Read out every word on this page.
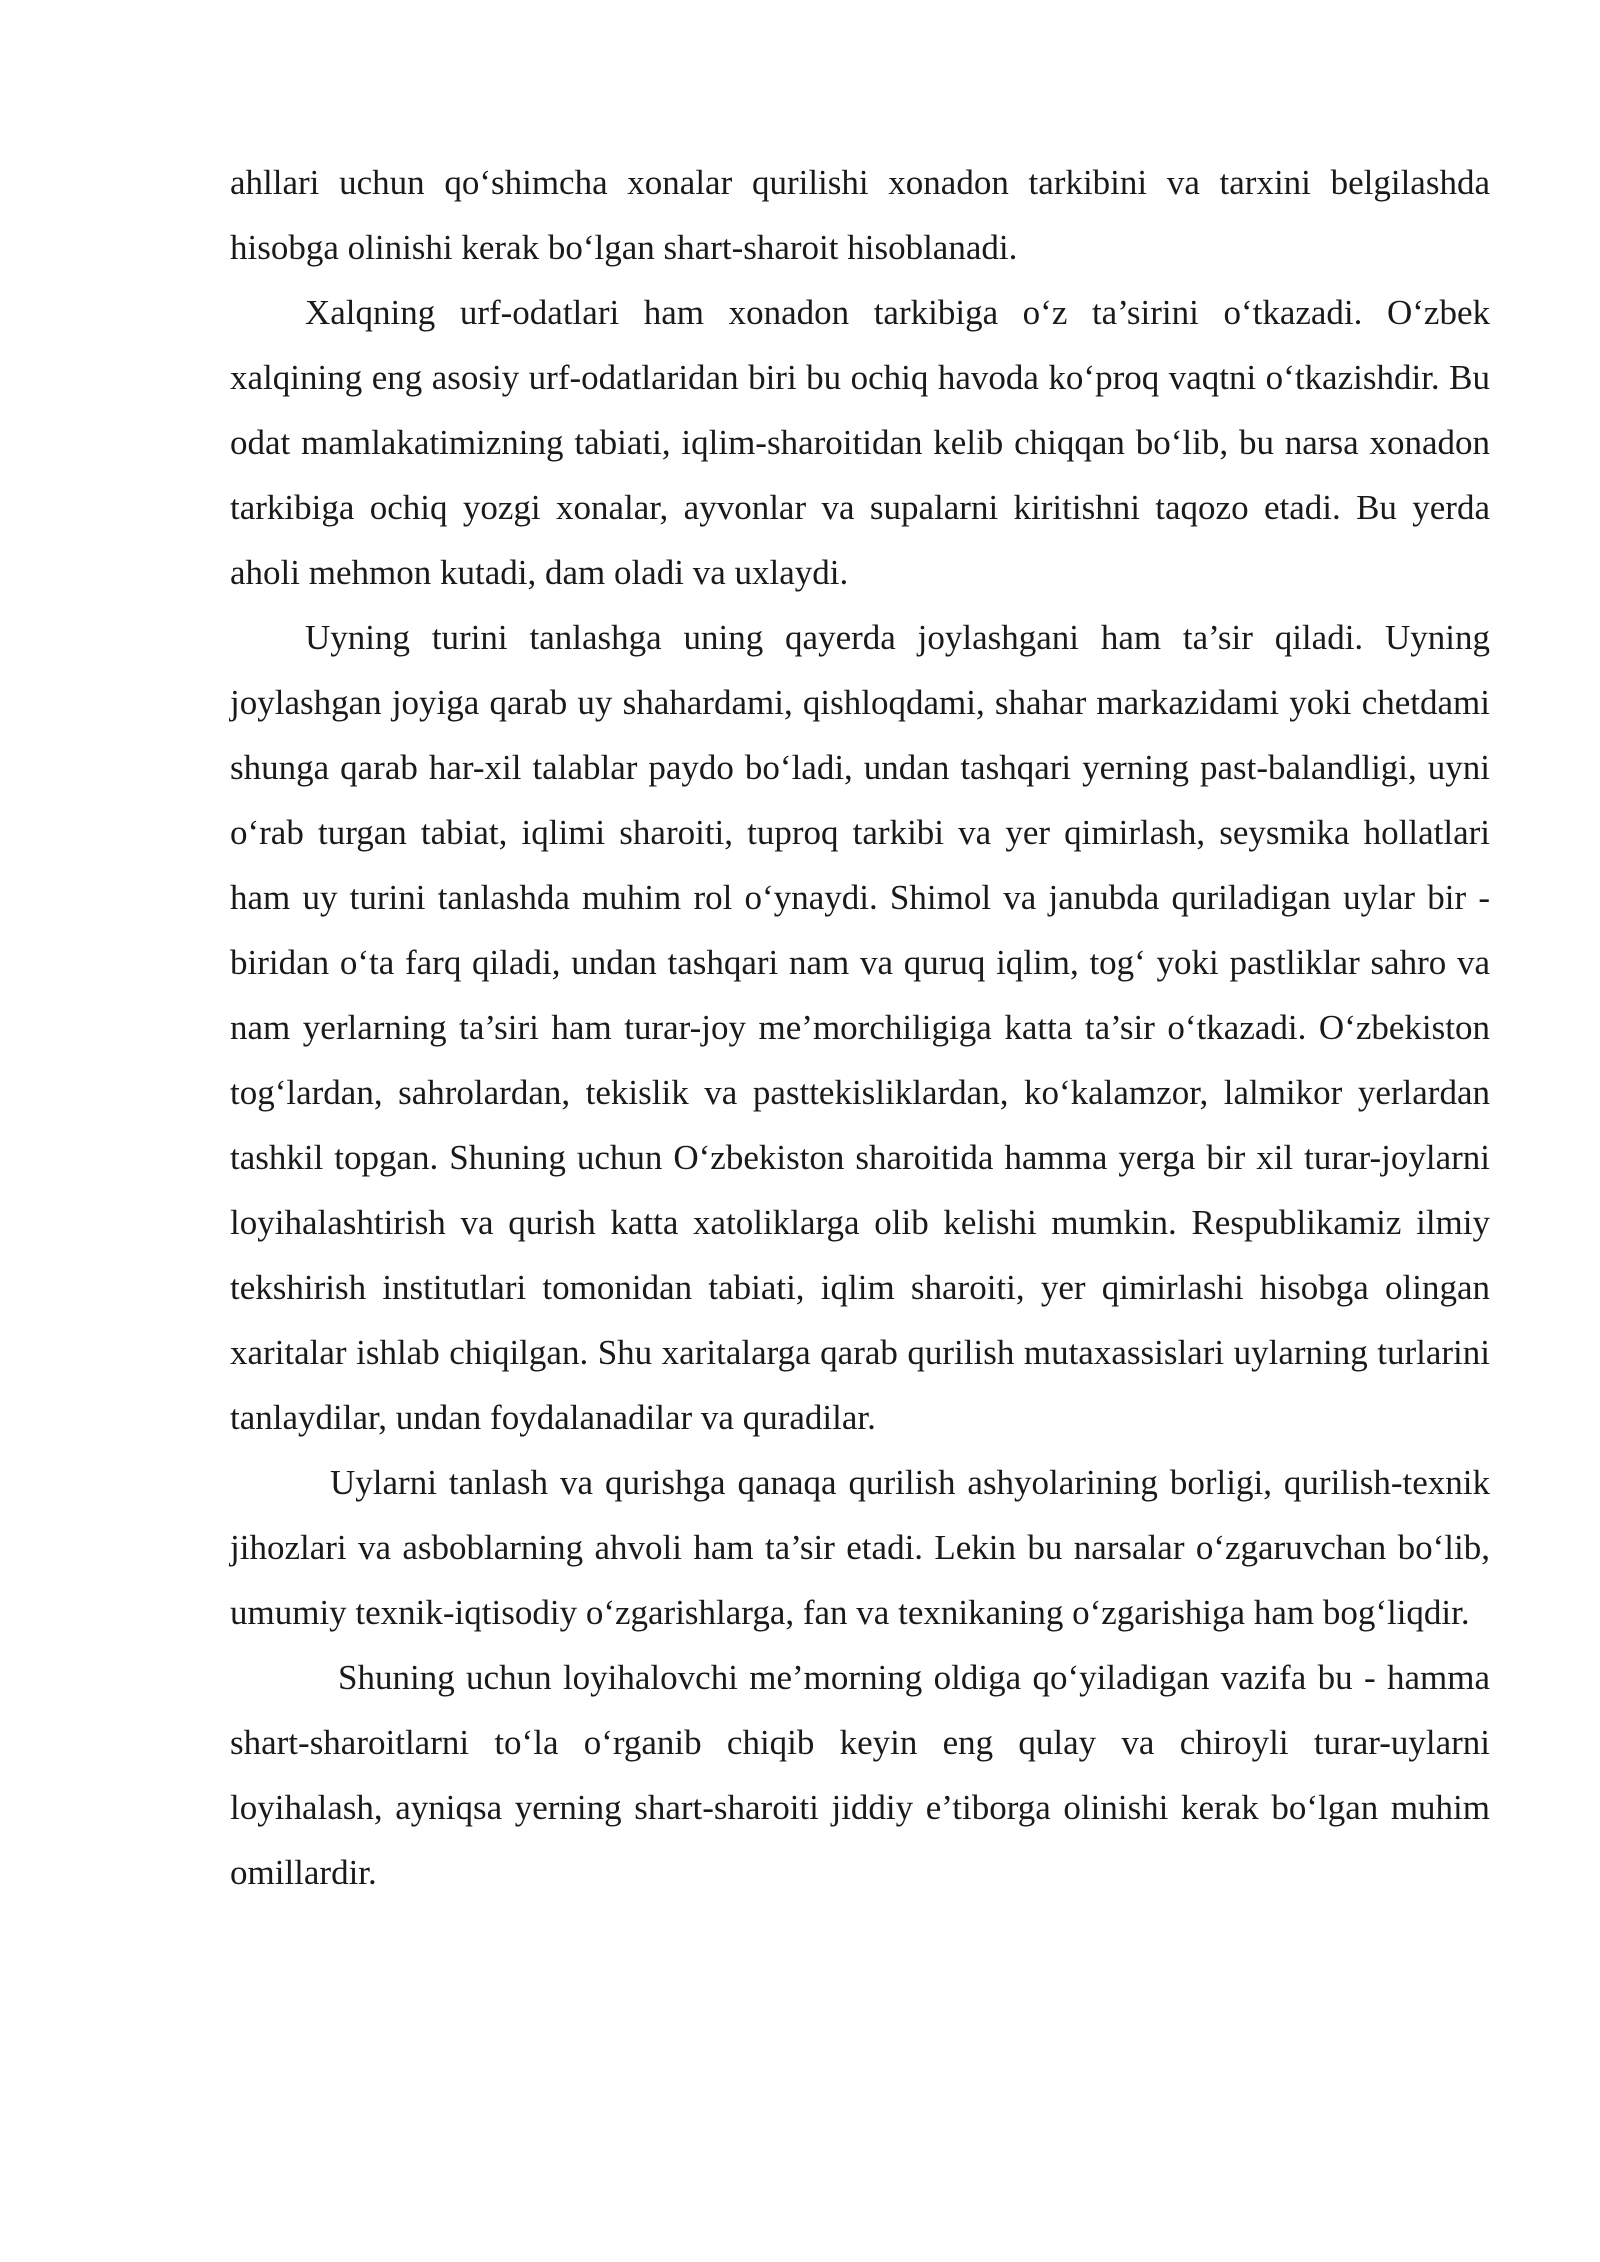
ahllari uchun qo‘shimcha xonalar qurilishi xonadon tarkibini va tarxini belgilashda hisobga olinishi kerak bo‘lgan shart-sharoit hisoblanadi.

Xalqning urf-odatlari ham xonadon tarkibiga o‘z ta’sirini o‘tkazadi. O‘zbek xalqining eng asosiy urf-odatlaridan biri bu ochiq havoda ko‘proq vaqtni o‘tkazishdir. Bu odat mamlakatimizning tabiati, iqlim-sharoitidan kelib chiqqan bo‘lib, bu narsa xonadon tarkibiga ochiq yozgi xonalar, ayvonlar va supalarni kiritishni taqozo etadi. Bu yerda aholi mehmon kutadi, dam oladi va uxlaydi.

Uyning turini tanlashga uning qayerda joylashgani ham ta’sir qiladi. Uyning joylashgan joyiga qarab uy shahardami, qishloqdami, shahar markazidami yoki chetdami shunga qarab har-xil talablar paydo bo‘ladi, undan tashqari yerning past-balandligi, uyni o‘rab turgan tabiat, iqlimi sharoiti, tuproq tarkibi va yer qimirlash, seysmika hollatlari ham uy turini tanlashda muhim rol o‘ynaydi. Shimol va janubda quriladigan uylar bir - biridan o‘ta farq qiladi, undan tashqari nam va quruq iqlim, tog‘ yoki pastliklar sahro va nam yerlarning ta’siri ham turar-joy me’morchiligiga katta ta’sir o‘tkazadi. O‘zbekiston tog‘lardan, sahrolardan, tekislik va pasttekisliklardan, ko‘kalamzor, lalmikor yerlardan tashkil topgan. Shuning uchun O‘zbekiston sharoitida hamma yerga bir xil turar-joylarni loyihalashtirish va qurish katta xatoliklarga olib kelishi mumkin. Respublikamiz ilmiy tekshirish institutlari tomonidan tabiati, iqlim sharoiti, yer qimirlashi hisobga olingan xaritalar ishlab chiqilgan. Shu xaritalarga qarab qurilish mutaxassislari uylarning turlarini tanlaydilar, undan foydalanadilar va quradilar.

Uylarni tanlash va qurishga qanaqa qurilish ashyolarining borligi, qurilish-texnik jihozlari va asboblarning ahvoli ham ta’sir etadi. Lekin bu narsalar o‘zgaruvchan bo‘lib, umumiy texnik-iqtisodiy o‘zgarishlarga, fan va texnikaning o‘zgarishiga ham bog‘liqdir.

Shuning uchun loyihalovchi me’morning oldiga qo‘yiladigan vazifa bu - hamma shart-sharoitlarni to‘la o‘rganib chiqib keyin eng qulay va chiroyli turar-uylarni loyihalash, ayniqsa yerning shart-sharoiti jiddiy e’tiborga olinishi kerak bo‘lgan muhim omillardir.
